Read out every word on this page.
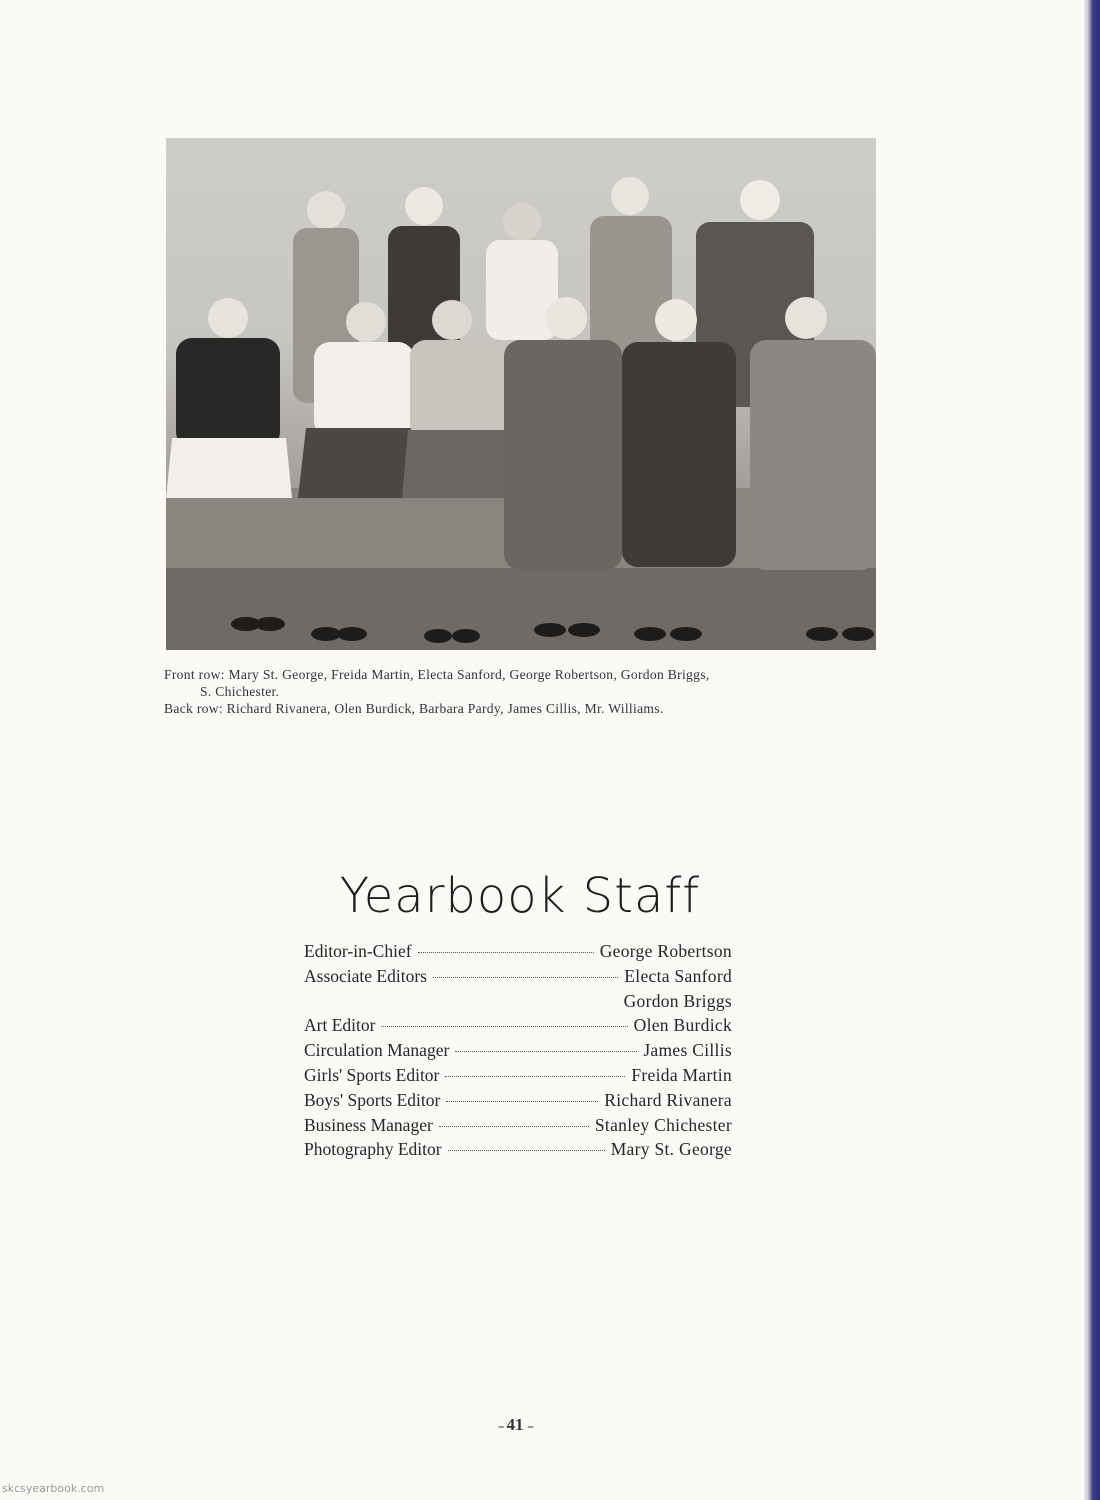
Front row: Mary St. George, Freida Martin, Electa Sanford, George Robertson, Gordon Briggs,
S. Chichester.
Back row: Richard Rivanera, Olen Burdick, Barbara Pardy, James Cillis, Mr. Williams.
Yearbook Staff
Editor-in-Chief	George Robertson
Associate Editors	Electa Sanford
Gordon Briggs
Art Editor	Olen Burdick
Circulation Manager	James Cillis
Girls' Sports Editor	Freida Martin
Boys' Sports Editor	Richard Rivanera
Business Manager	Stanley Chichester
Photography Editor	Mary St. George
‑‑ 41 ‑‑
skcsyearbook.com
